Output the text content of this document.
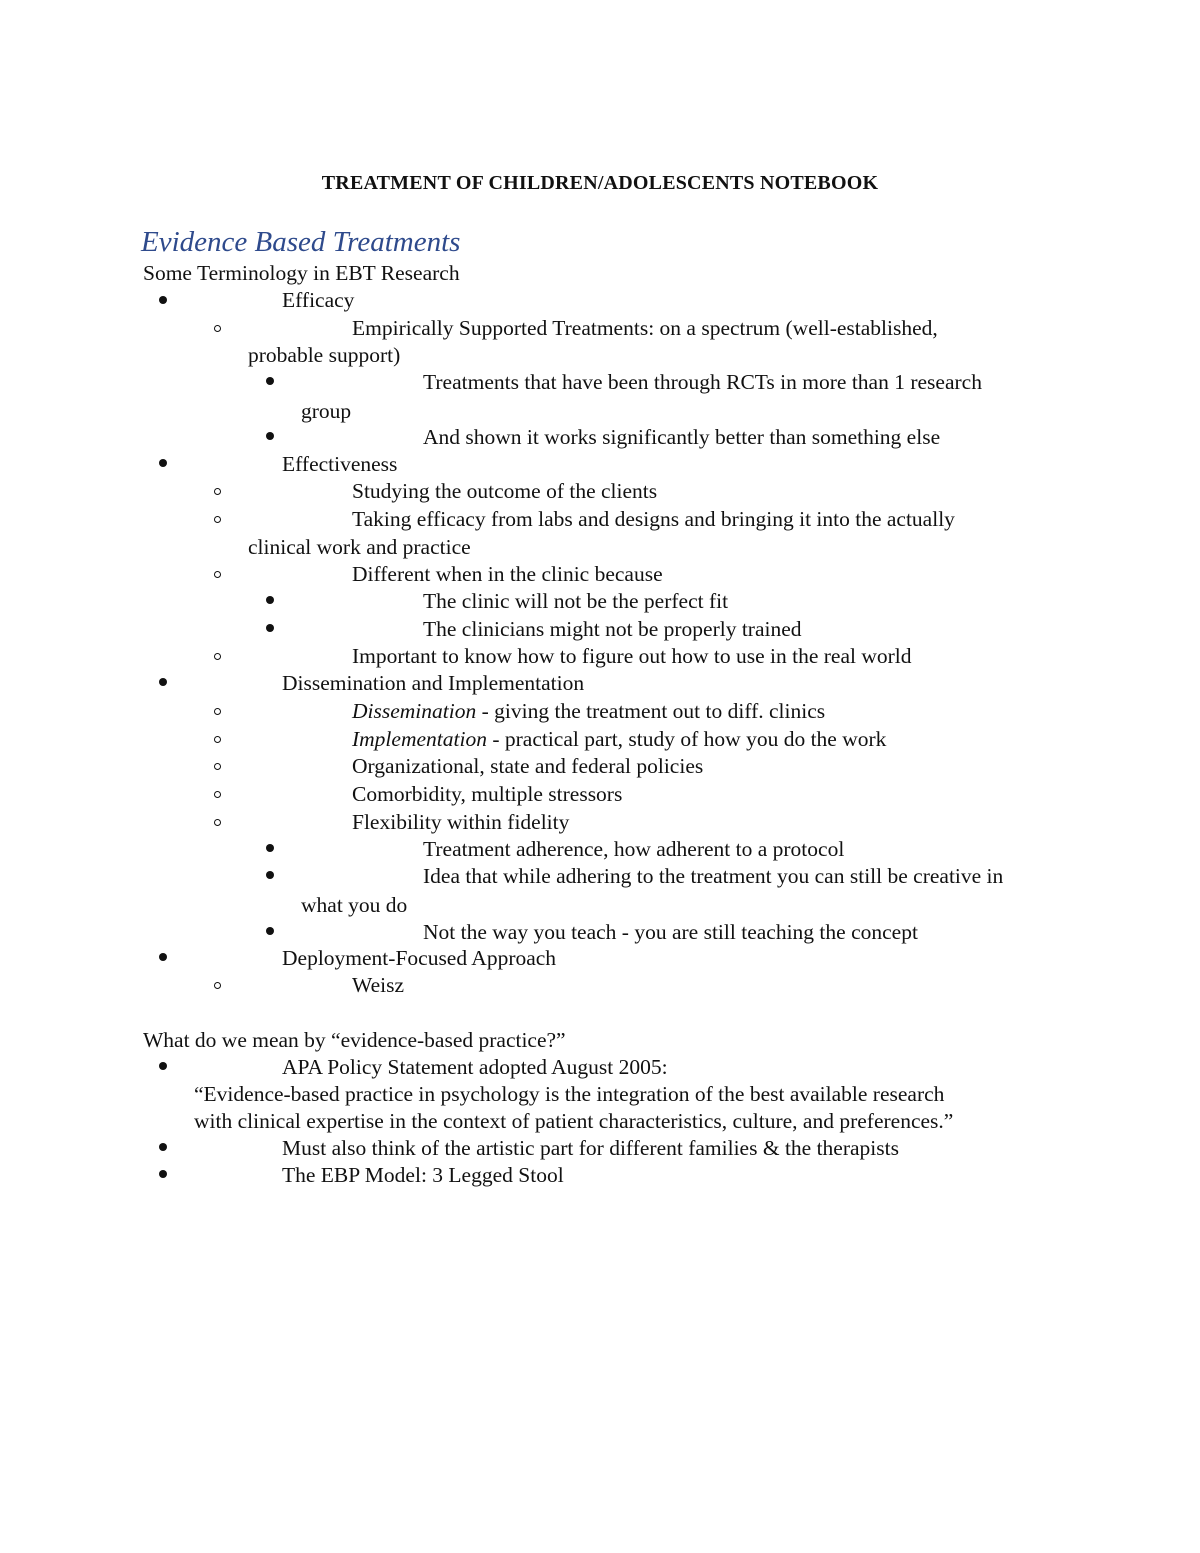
TREATMENT OF CHILDREN/ADOLESCENTS NOTEBOOK
Evidence Based Treatments
Some Terminology in EBT Research
Efficacy
Empirically Supported Treatments: on a spectrum (well-established,
probable support)
Treatments that have been through RCTs in more than 1 research
group
And shown it works significantly better than something else
Effectiveness
Studying the outcome of the clients
Taking efficacy from labs and designs and bringing it into the actually
clinical work and practice
Different when in the clinic because
The clinic will not be the perfect fit
The clinicians might not be properly trained
Important to know how to figure out how to use in the real world
Dissemination and Implementation
Dissemination - giving the treatment out to diff. clinics
Implementation - practical part, study of how you do the work
Organizational, state and federal policies
Comorbidity, multiple stressors
Flexibility within fidelity
Treatment adherence, how adherent to a protocol
Idea that while adhering to the treatment you can still be creative in
what you do
Not the way you teach - you are still teaching the concept
Deployment-Focused Approach
Weisz
What do we mean by “evidence-based practice?”
APA Policy Statement adopted August 2005:
“Evidence-based practice in psychology is the integration of the best available research
with clinical expertise in the context of patient characteristics, culture, and preferences.”
Must also think of the artistic part for different families & the therapists
The EBP Model: 3 Legged Stool
